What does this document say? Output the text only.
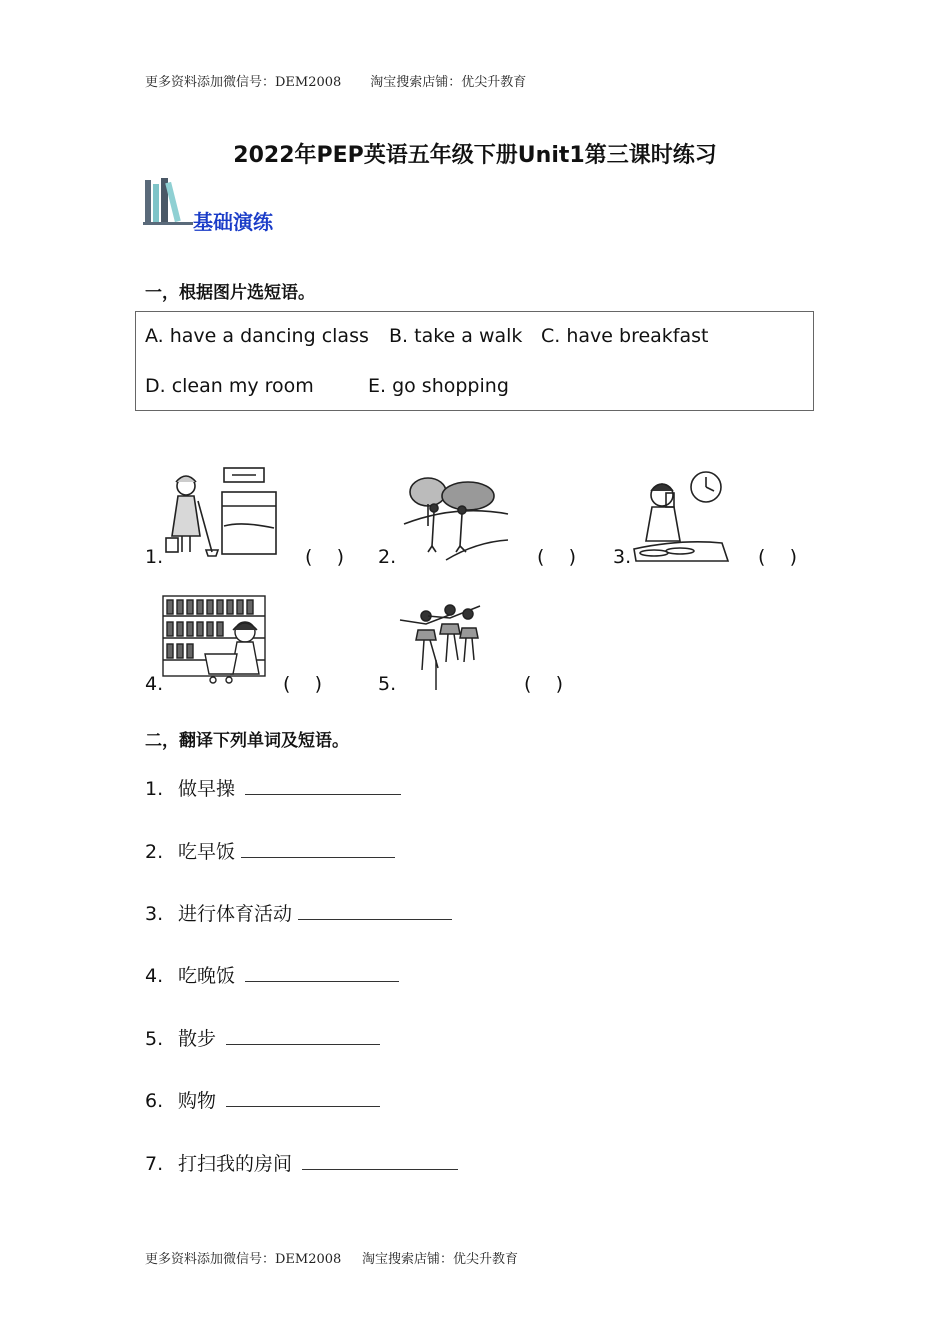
更多资料添加微信号：DEM2008       淘宝搜索店铺：优尖升教育
2022年PEP英语五年级下册Unit1第三课时练习
基础演练
一，根据图片选短语。
A. have a dancing class B. take a walk C. have breakfast
D. clean my room	E. go shopping
1.	(    ) 2.	(    ) 3.	(    )
4.	(    )	5.	(    )
二，翻译下列单词及短语。
1. 做早操
2. 吃早饭
3. 进行体育活动
4. 吃晚饭
5. 散步
6. 购物
7. 打扫我的房间
更多资料添加微信号：DEM2008     淘宝搜索店铺：优尖升教育
